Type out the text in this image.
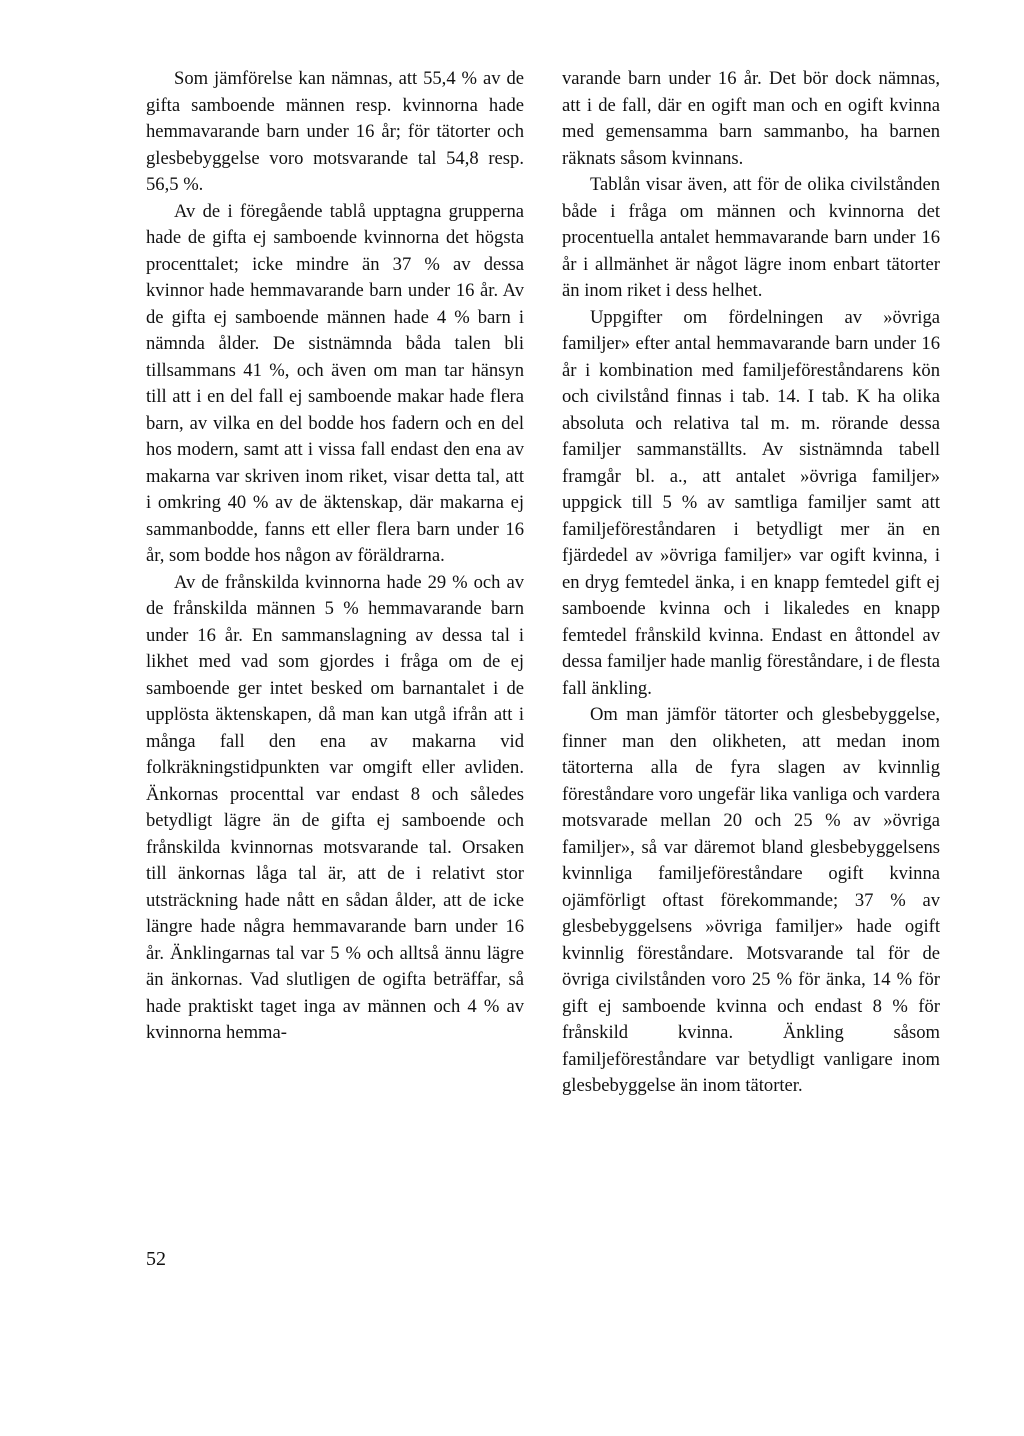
Som jämförelse kan nämnas, att 55,4 % av de gifta samboende männen resp. kvinnorna hade hemmavarande barn under 16 år; för tätorter och glesbebyggelse voro motsvarande tal 54,8 resp. 56,5 %.

Av de i föregående tablå upptagna grupperna hade de gifta ej samboende kvinnorna det högsta procenttalet; icke mindre än 37 % av dessa kvinnor hade hemmavarande barn under 16 år. Av de gifta ej samboende männen hade 4 % barn i nämnda ålder. De sistnämnda båda talen bli tillsammans 41 %, och även om man tar hänsyn till att i en del fall ej samboende makar hade flera barn, av vilka en del bodde hos fadern och en del hos modern, samt att i vissa fall endast den ena av makarna var skriven inom riket, visar detta tal, att i omkring 40 % av de äktenskap, där makarna ej sammanbodde, fanns ett eller flera barn under 16 år, som bodde hos någon av föräldrarna.

Av de frånskilda kvinnorna hade 29 % och av de frånskilda männen 5 % hemmavarande barn under 16 år. En sammanslagning av dessa tal i likhet med vad som gjordes i fråga om de ej samboende ger intet besked om barnantalet i de upplösta äktenskapen, då man kan utgå ifrån att i många fall den ena av makarna vid folkräkningstidpunkten var omgift eller avliden. Änkornas procenttal var endast 8 och således betydligt lägre än de gifta ej samboende och frånskilda kvinnornas motsvarande tal. Orsaken till änkornas låga tal är, att de i relativt stor utsträckning hade nått en sådan ålder, att de icke längre hade några hemmavarande barn under 16 år. Änklingarnas tal var 5 % och alltså ännu lägre än änkornas. Vad slutligen de ogifta beträffar, så hade praktiskt taget inga av männen och 4 % av kvinnorna hemma-

varande barn under 16 år. Det bör dock nämnas, att i de fall, där en ogift man och en ogift kvinna med gemensamma barn sammanbo, ha barnen räknats såsom kvinnans.

Tablån visar även, att för de olika civilstånden både i fråga om männen och kvinnorna det procentuella antalet hemmavarande barn under 16 år i allmänhet är något lägre inom enbart tätorter än inom riket i dess helhet.

Uppgifter om fördelningen av »övriga familjer» efter antal hemmavarande barn under 16 år i kombination med familjeföreståndarens kön och civilstånd finnas i tab. 14. I tab. K ha olika absoluta och relativa tal m. m. rörande dessa familjer sammanställts. Av sistnämnda tabell framgår bl. a., att antalet »övriga familjer» uppgick till 5 % av samtliga familjer samt att familjeföreståndaren i betydligt mer än en fjärdedel av »övriga familjer» var ogift kvinna, i en dryg femtedel änka, i en knapp femtedel gift ej samboende kvinna och i likaledes en knapp femtedel frånskild kvinna. Endast en åttondel av dessa familjer hade manlig föreståndare, i de flesta fall änkling.

Om man jämför tätorter och glesbebyggelse, finner man den olikheten, att medan inom tätorterna alla de fyra slagen av kvinnlig föreståndare voro ungefär lika vanliga och vardera motsvarade mellan 20 och 25 % av »övriga familjer», så var däremot bland glesbebyggelsens kvinnliga familjeföreståndare ogift kvinna ojämförligt oftast förekommande; 37 % av glesbebyggelsens »övriga familjer» hade ogift kvinnlig föreståndare. Motsvarande tal för de övriga civilstånden voro 25 % för änka, 14 % för gift ej samboende kvinna och endast 8 % för frånskild kvinna. Änkling såsom familjeföreståndare var betydligt vanligare inom glesbebyggelse än inom tätorter.

52
